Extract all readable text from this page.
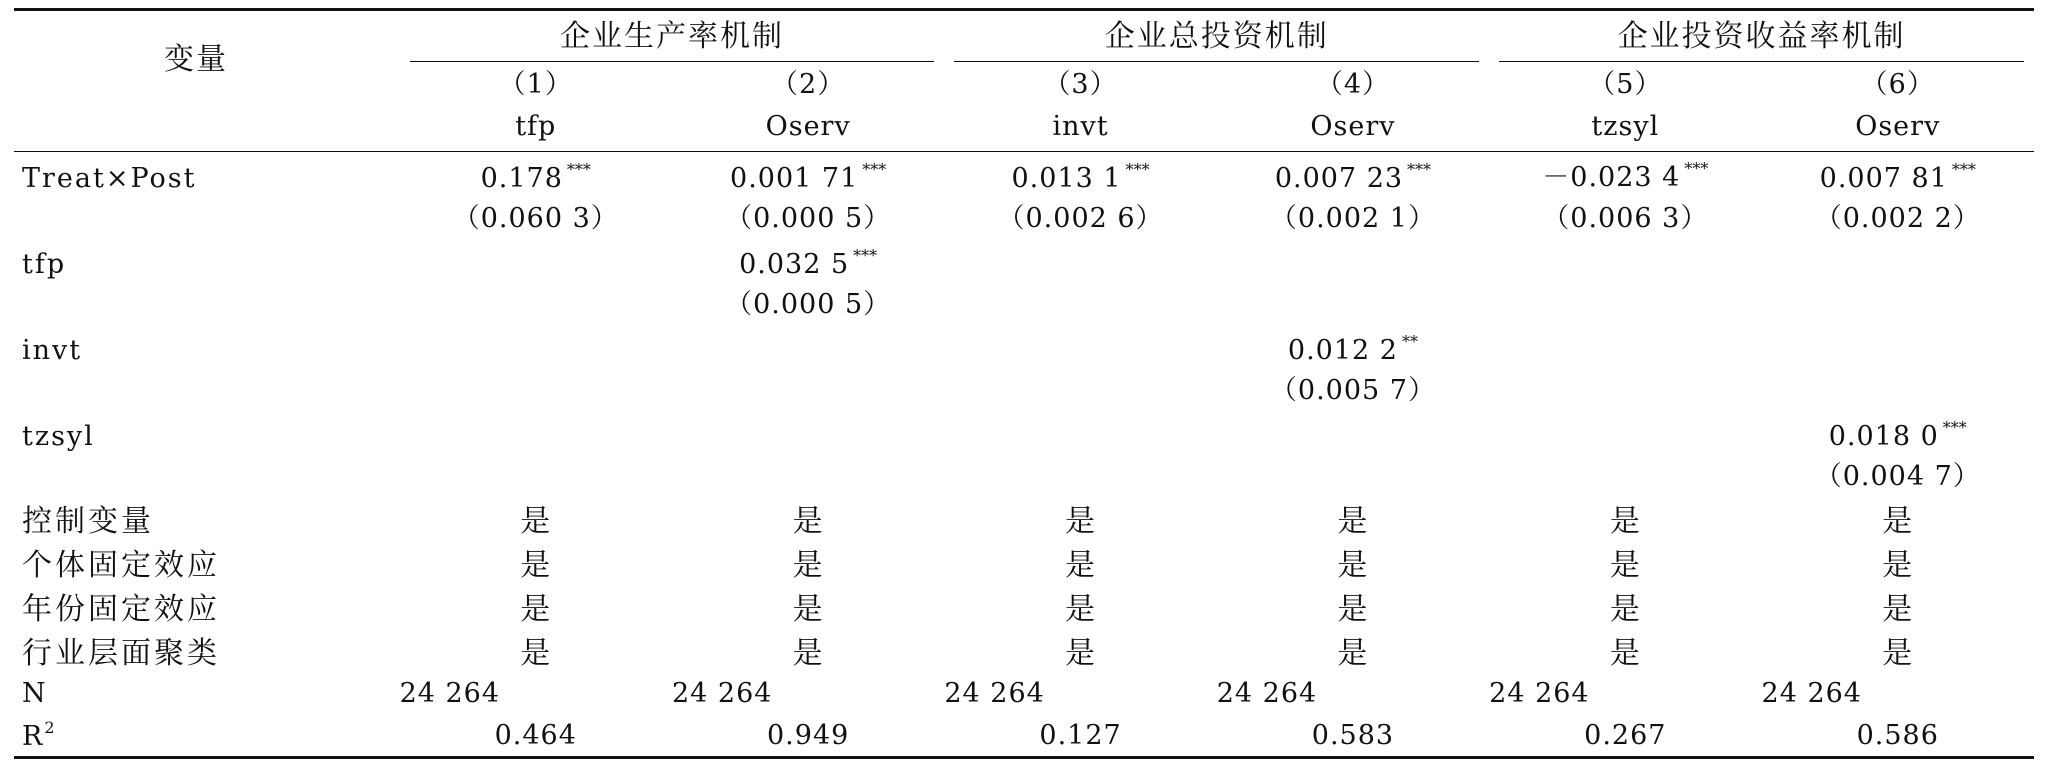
变量	企业生产率机制		企业总投资机制		企业投资收益率机制	

	（1）	（2）	（3）	（4）	（5）	（6）
	tfp	Oserv	invt	Oserv	tzsyl	Oserv
Treat×Post	0.178 ***	0.001 71 ***	0.013 1 ***	0.007 23 ***	－0.023 4 ***	0.007 81 ***
	（0.060 3）	（0.000 5）	（0.002 6）	（0.002 1）	（0.006 3）	（0.002 2）
tfp		0.032 5 ***				
		（0.000 5）				
invt				0.012 2 **		
				（0.005 7）		
tzsyl						0.018 0 ***
						（0.004 7）
控制变量	是	是	是	是	是	是
个体固定效应	是	是	是	是	是	是
年份固定效应	是	是	是	是	是	是
行业层面聚类	是	是	是	是	是	是
N	24 264	24 264	24 264	24 264	24 264	24 264
$R^2$	0.464	0.949	0.127	0.583	0.267	0.586
